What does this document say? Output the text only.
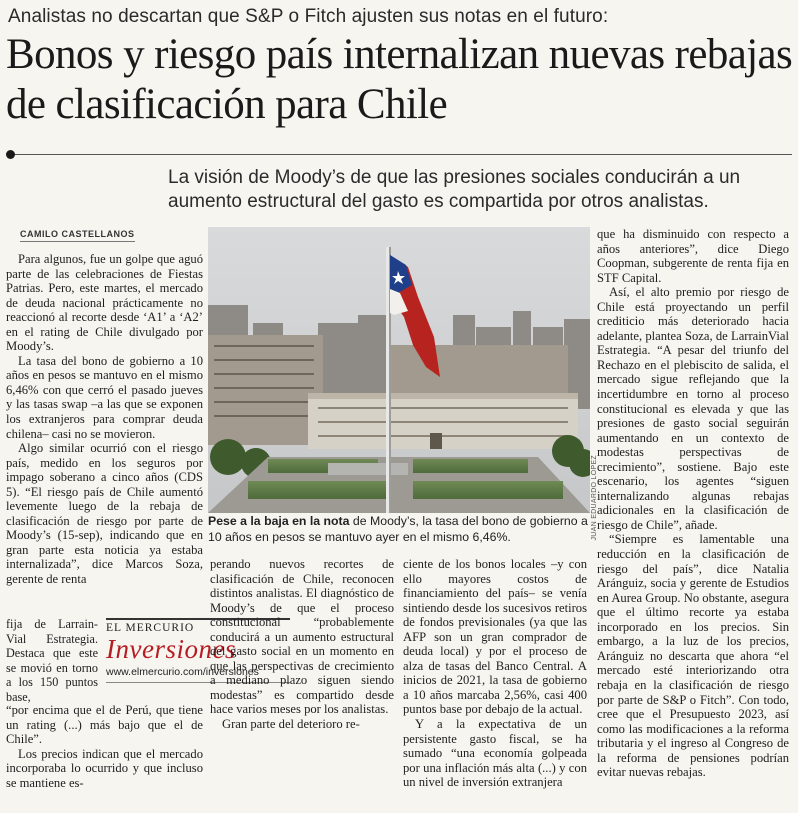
Analistas no descartan que S&P o Fitch ajusten sus notas en el futuro:
Bonos y riesgo país internalizan nuevas rebajas de clasificación para Chile

La visión de Moody’s de que las presiones sociales conducirán a un aumento estructural del gasto es compartida por otros analistas.

CAMILO CASTELLANOS

Para algunos, fue un golpe que aguó parte de las celebraciones de Fiestas Patrias. Pero, este martes, el mercado de deuda nacional prácticamente no reaccionó al recorte desde ‘A1’ a ‘A2’ en el rating de Chile divulgado por Moody’s.

La tasa del bono de gobierno a 10 años en pesos se mantuvo en el mismo 6,46% con que cerró el pasado jueves y las tasas swap –a las que se exponen los extranjeros para comprar deuda chilena– casi no se movieron.

Algo similar ocurrió con el riesgo país, medido en los seguros por impago soberano a cinco años (CDS 5). “El riesgo país de Chile aumentó levemente luego de la rebaja de clasificación de riesgo por parte de Moody’s (15-sep), indicando que en gran parte esta noticia ya estaba internalizada”, dice Marcos Soza, gerente de renta

fija de Larrain-Vial Estrategia. Destaca que este se movió en torno a los 150 puntos base,

“por encima que el de Perú, que tiene un rating (...) más bajo que el de Chile”.

Los precios indican que el mercado incorporaba lo ocurrido y que incluso se mantiene es-

EL MERCURIO

Inversiones

www.elmercurio.com/inversiones

JUAN EDUARDO LÓPEZ
Pese a la baja en la nota de Moody’s, la tasa del bono de gobierno a 10 años en pesos se mantuvo ayer en el mismo 6,46%.

perando nuevos recortes de clasificación de Chile, reconocen distintos analistas. El diagnóstico de Moody’s de que el proceso constitucional “probablemente conducirá a un aumento estructural del gasto social en un momento en que las perspectivas de crecimiento a mediano plazo siguen siendo modestas” es compartido desde hace varios meses por los analistas.

Gran parte del deterioro re-

ciente de los bonos locales –y con ello mayores costos de financiamiento del país– se venía sintiendo desde los sucesivos retiros de fondos previsionales (ya que las AFP son un gran comprador de deuda local) y por el proceso de alza de tasas del Banco Central. A inicios de 2021, la tasa de gobierno a 10 años marcaba 2,56%, casi 400 puntos base por debajo de la actual.

Y a la expectativa de un persistente gasto fiscal, se ha sumado “una economía golpeada por una inflación más alta (...) y con un nivel de inversión extranjera

que ha disminuido con respecto a años anteriores”, dice Diego Coopman, subgerente de renta fija en STF Capital.

Así, el alto premio por riesgo de Chile está proyectando un perfil crediticio más deteriorado hacia adelante, plantea Soza, de LarrainVial Estrategia. “A pesar del triunfo del Rechazo en el plebiscito de salida, el mercado sigue reflejando que la incertidumbre en torno al proceso constitucional es elevada y que las presiones de gasto social seguirán aumentando en un contexto de modestas perspectivas de crecimiento”, sostiene. Bajo este escenario, los agentes “siguen internalizando algunas rebajas adicionales en la clasificación de riesgo de Chile”, añade.

“Siempre es lamentable una reducción en la clasificación de riesgo del país”, dice Natalia Aránguiz, socia y gerente de Estudios en Aurea Group. No obstante, asegura que el último recorte ya estaba incorporado en los precios. Sin embargo, a la luz de los precios, Aránguiz no descarta que ahora “el mercado esté interiorizando otra rebaja en la clasificación de riesgo por parte de S&P o Fitch”. Con todo, cree que el Presupuesto 2023, así como las modificaciones a la reforma tributaria y el ingreso al Congreso de la reforma de pensiones podrían evitar nuevas rebajas.
